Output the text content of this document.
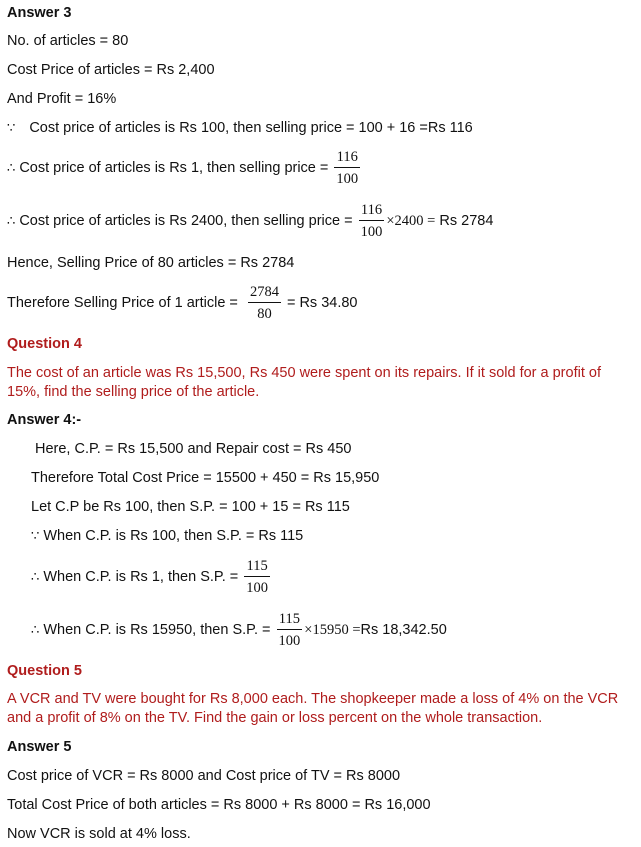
Answer 3
No. of articles = 80
Cost Price of articles = Rs 2,400
And Profit = 16%
∵ Cost price of articles is Rs 100, then selling price = 100 + 16 =Rs 116
∴ Cost price of articles is Rs 1, then selling price = $\frac{116}{100}$
∴ Cost price of articles is Rs 2400, then selling price = $\frac{116}{100} \times 2400 = Rs$ 2784
Hence, Selling Price of 80 articles = Rs 2784
Therefore Selling Price of 1 article = $\frac{2784}{80} = Rs$ 34.80
Question 4
The cost of an article was Rs 15,500, Rs 450 were spent on its repairs. If it sold for a profit of
15%, find the selling price of the article.
Answer 4:-
Here, C.P. = Rs 15,500 and Repair cost = Rs 450
Therefore Total Cost Price = 15500 + 450 = Rs 15,950
Let C.P be Rs 100, then S.P. = 100 + 15 = Rs 115
∵ When C.P. is Rs 100, then S.P. = Rs 115
∴ When C.P. is Rs 1, then S.P. = $\frac{115}{100}$
∴ When C.P. is Rs 15950, then S.P. = $\frac{115}{100} \times 15950 =Rs$ 18,342.50
Question 5
A VCR and TV were bought for Rs 8,000 each. The shopkeeper made a loss of 4% on the VCR
and a profit of 8% on the TV. Find the gain or loss percent on the whole transaction.
Answer 5
Cost price of VCR = Rs 8000 and Cost price of TV = Rs 8000
Total Cost Price of both articles = Rs 8000 + Rs 8000 = Rs 16,000
Now VCR is sold at 4% loss.
